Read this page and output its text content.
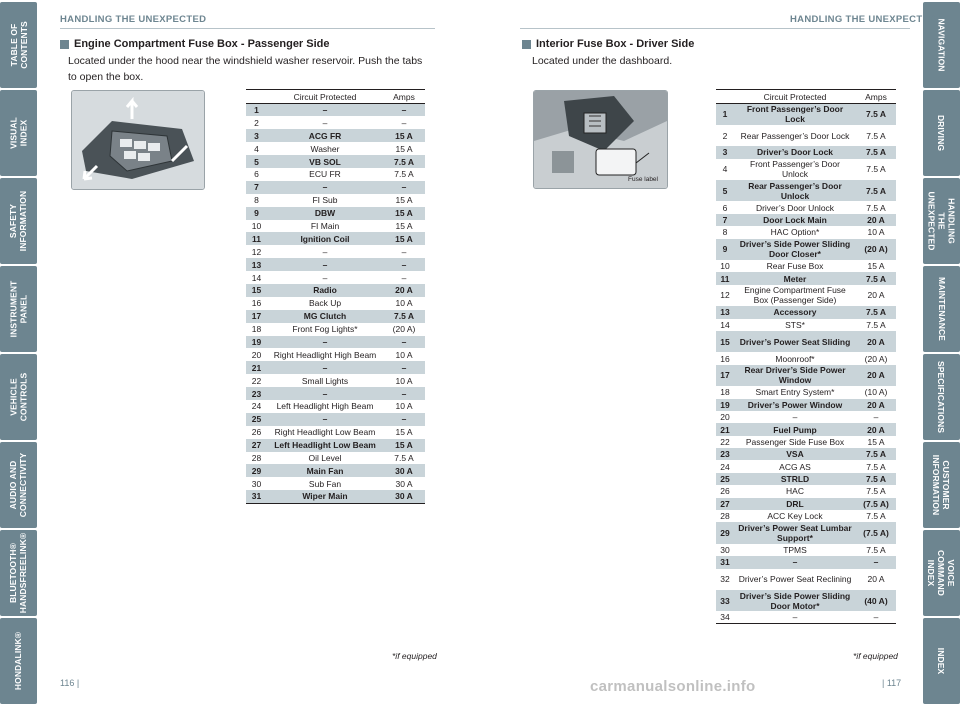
TABLE OF CONTENTS
VISUAL INDEX
SAFETY
INFORMATION
INSTRUMENT PANEL
VEHICLE
CONTROLS
AUDIO AND
CONNECTIVITY
BLUETOOTH®
HANDSFREELINK®
HONDALINK®
NAVIGATION
DRIVING
HANDLING THE
UNEXPECTED
MAINTENANCE
SPECIFICATIONS
CUSTOMER
INFORMATION
VOICE COMMAND
INDEX
INDEX
HANDLING THE UNEXPECTED
Engine Compartment Fuse Box - Passenger Side
Located under the hood near the windshield washer reservoir. Push the tabs to open the box.
	Circuit Protected	Amps
1	–	–
2	–	–
3	ACG FR	15 A
4	Washer	15 A
5	VB SOL	7.5 A
6	ECU FR	7.5 A
7	–	–
8	FI Sub	15 A
9	DBW	15 A
10	FI Main	15 A
11	Ignition Coil	15 A
12	–	–
13	–	–
14	–	–
15	Radio	20 A
16	Back Up	10 A
17	MG Clutch	7.5 A
18	Front Fog Lights*	(20 A)
19	–	–
20	Right Headlight High Beam	10 A
21	–	–
22	Small Lights	10 A
23	–	–
24	Left Headlight High Beam	10 A
25	–	–
26	Right Headlight Low Beam	15 A
27	Left Headlight Low Beam	15 A
28	Oil Level	7.5 A
29	Main Fan	30 A
30	Sub Fan	30 A
31	Wiper Main	30 A
*if equipped
116 |
HANDLING THE UNEXPECTED
Interior Fuse Box - Driver Side
Located under the dashboard.
Fuse label
	Circuit Protected	Amps
1	Front Passenger’s Door Lock	7.5 A
2	Rear Passenger’s Door Lock	7.5 A
3	Driver’s Door Lock	7.5 A
4	Front Passenger’s Door Unlock	7.5 A
5	Rear Passenger’s Door Unlock	7.5 A
6	Driver’s Door Unlock	7.5 A
7	Door Lock Main	20 A
8	HAC Option*	10 A
9	Driver’s Side Power Sliding Door Closer*	(20 A)
10	Rear Fuse Box	15 A
11	Meter	7.5 A
12	Engine Compartment Fuse Box (Passenger Side)	20 A
13	Accessory	7.5 A
14	STS*	7.5 A
15	Driver’s Power Seat Sliding	20 A
16	Moonroof*	(20 A)
17	Rear Driver’s Side Power Window	20 A
18	Smart Entry System*	(10 A)
19	Driver’s Power Window	20 A
20	–	–
21	Fuel Pump	20 A
22	Passenger Side Fuse Box	15 A
23	VSA	7.5 A
24	ACG AS	7.5 A
25	STRLD	7.5 A
26	HAC	7.5 A
27	DRL	(7.5 A)
28	ACC Key Lock	7.5 A
29	Driver’s Power Seat Lumbar Support*	(7.5 A)
30	TPMS	7.5 A
31	–	–
32	Driver’s Power Seat Reclining	20 A
33	Driver’s Side Power Sliding Door Motor*	(40 A)
34	–	–
*if equipped
| 117
carmanualsonline.info
